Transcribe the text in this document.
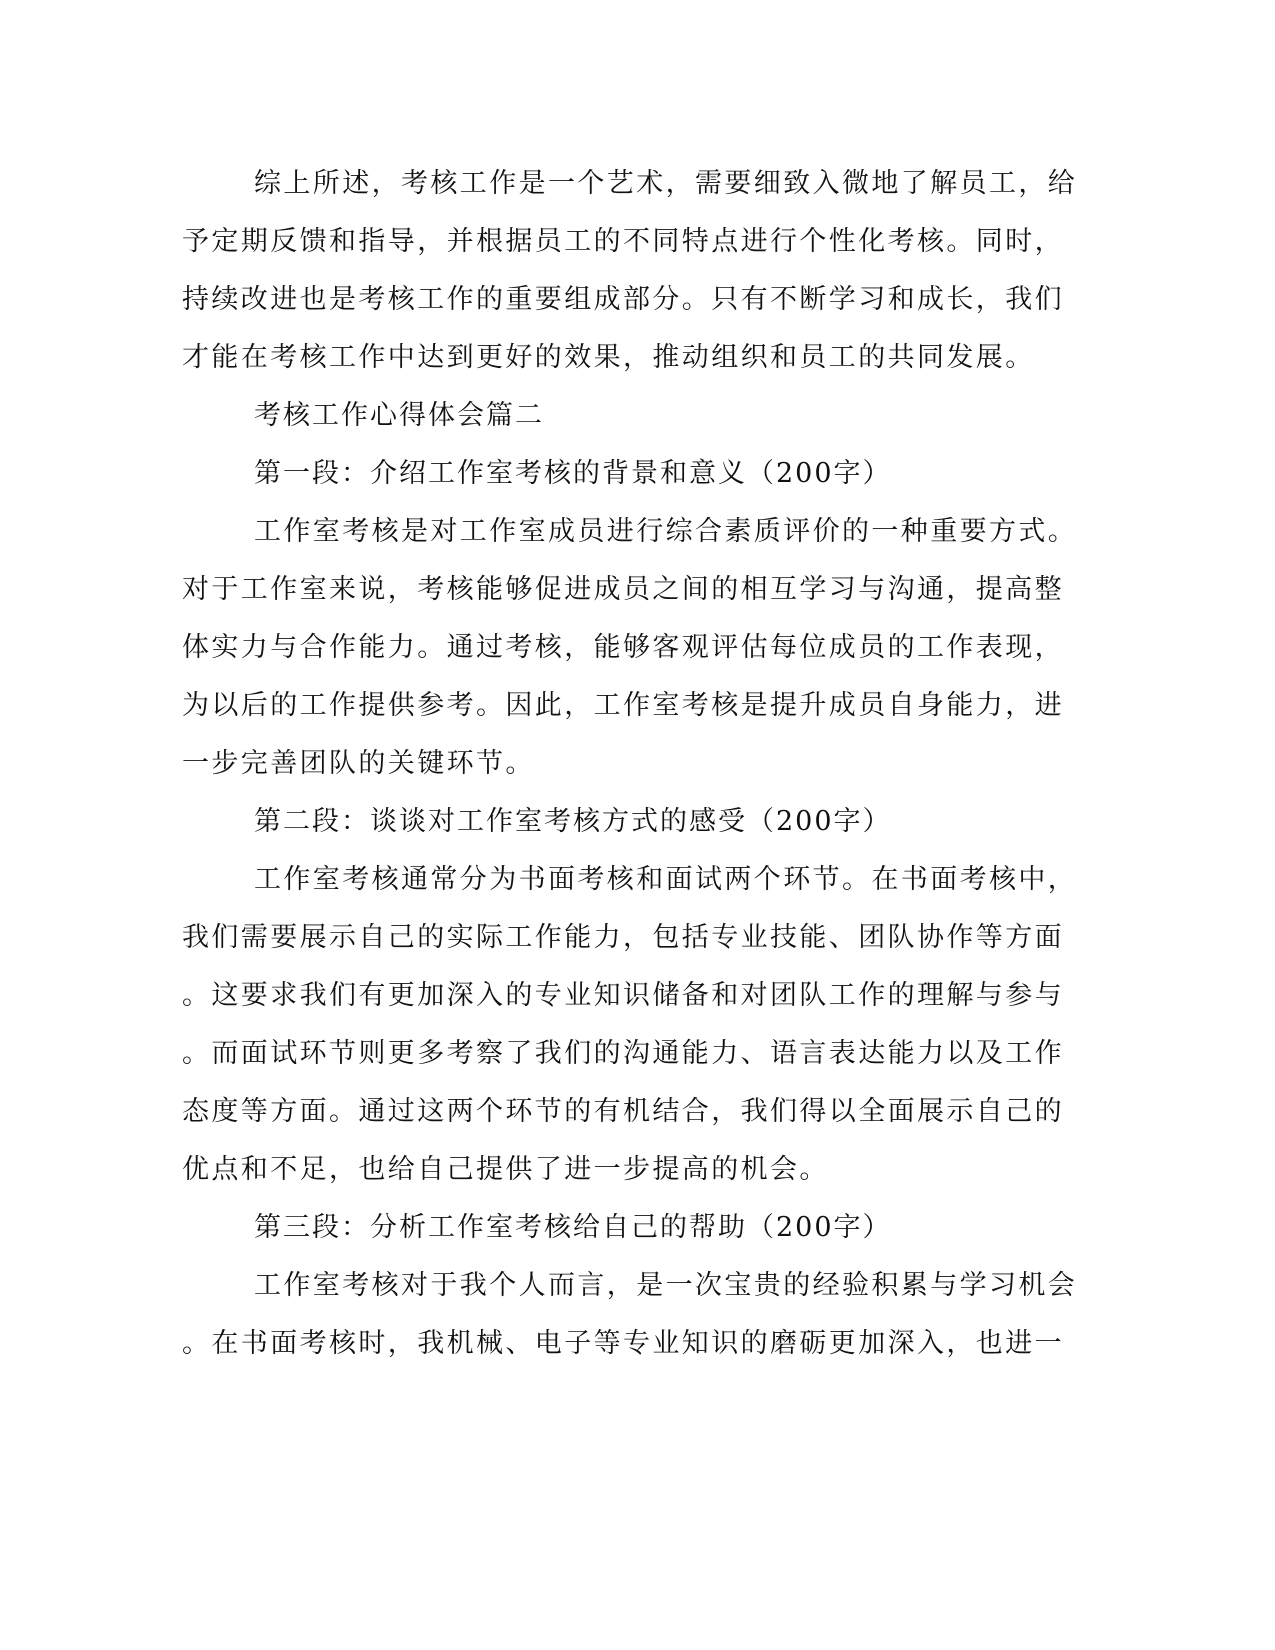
综上所述，考核工作是一个艺术，需要细致入微地了解员工，给
予定期反馈和指导，并根据员工的不同特点进行个性化考核。同时，
持续改进也是考核工作的重要组成部分。只有不断学习和成长，我们
才能在考核工作中达到更好的效果，推动组织和员工的共同发展。
考核工作心得体会篇二
第一段：介绍工作室考核的背景和意义（200字）
工作室考核是对工作室成员进行综合素质评价的一种重要方式。
对于工作室来说，考核能够促进成员之间的相互学习与沟通，提高整
体实力与合作能力。通过考核，能够客观评估每位成员的工作表现，
为以后的工作提供参考。因此，工作室考核是提升成员自身能力，进
一步完善团队的关键环节。
第二段：谈谈对工作室考核方式的感受（200字）
工作室考核通常分为书面考核和面试两个环节。在书面考核中，
我们需要展示自己的实际工作能力，包括专业技能、团队协作等方面
。这要求我们有更加深入的专业知识储备和对团队工作的理解与参与
。而面试环节则更多考察了我们的沟通能力、语言表达能力以及工作
态度等方面。通过这两个环节的有机结合，我们得以全面展示自己的
优点和不足，也给自己提供了进一步提高的机会。
第三段：分析工作室考核给自己的帮助（200字）
工作室考核对于我个人而言，是一次宝贵的经验积累与学习机会
。在书面考核时，我机械、电子等专业知识的磨砺更加深入，也进一
